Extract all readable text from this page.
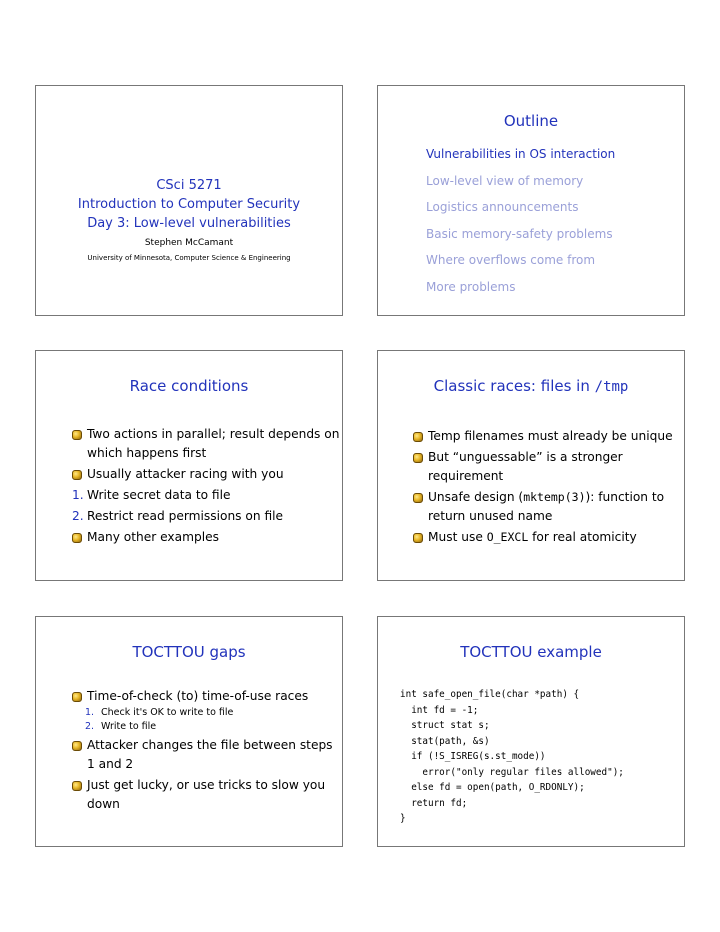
CSci 5271
Introduction to Computer Security
Day 3: Low-level vulnerabilities
Stephen McCamant
University of Minnesota, Computer Science & Engineering
Outline
Vulnerabilities in OS interaction
Low-level view of memory
Logistics announcements
Basic memory-safety problems
Where overflows come from
More problems
Race conditions
Two actions in parallel; result depends on which happens first
Usually attacker racing with you
1. Write secret data to file
2. Restrict read permissions on file
Many other examples
Classic races: files in /tmp
Temp filenames must already be unique
But “unguessable” is a stronger requirement
Unsafe design (mktemp(3)): function to return unused name
Must use O_EXCL for real atomicity
TOCTTOU gaps
Time-of-check (to) time-of-use races
1. Check it's OK to write to file
2. Write to file
Attacker changes the file between steps 1 and 2
Just get lucky, or use tricks to slow you down
TOCTTOU example
int safe_open_file(char *path) {
int fd = -1;
struct stat s;
stat(path, &s)
if (!S_ISREG(s.st_mode))
error("only regular files allowed");
else fd = open(path, O_RDONLY);
return fd;
}
